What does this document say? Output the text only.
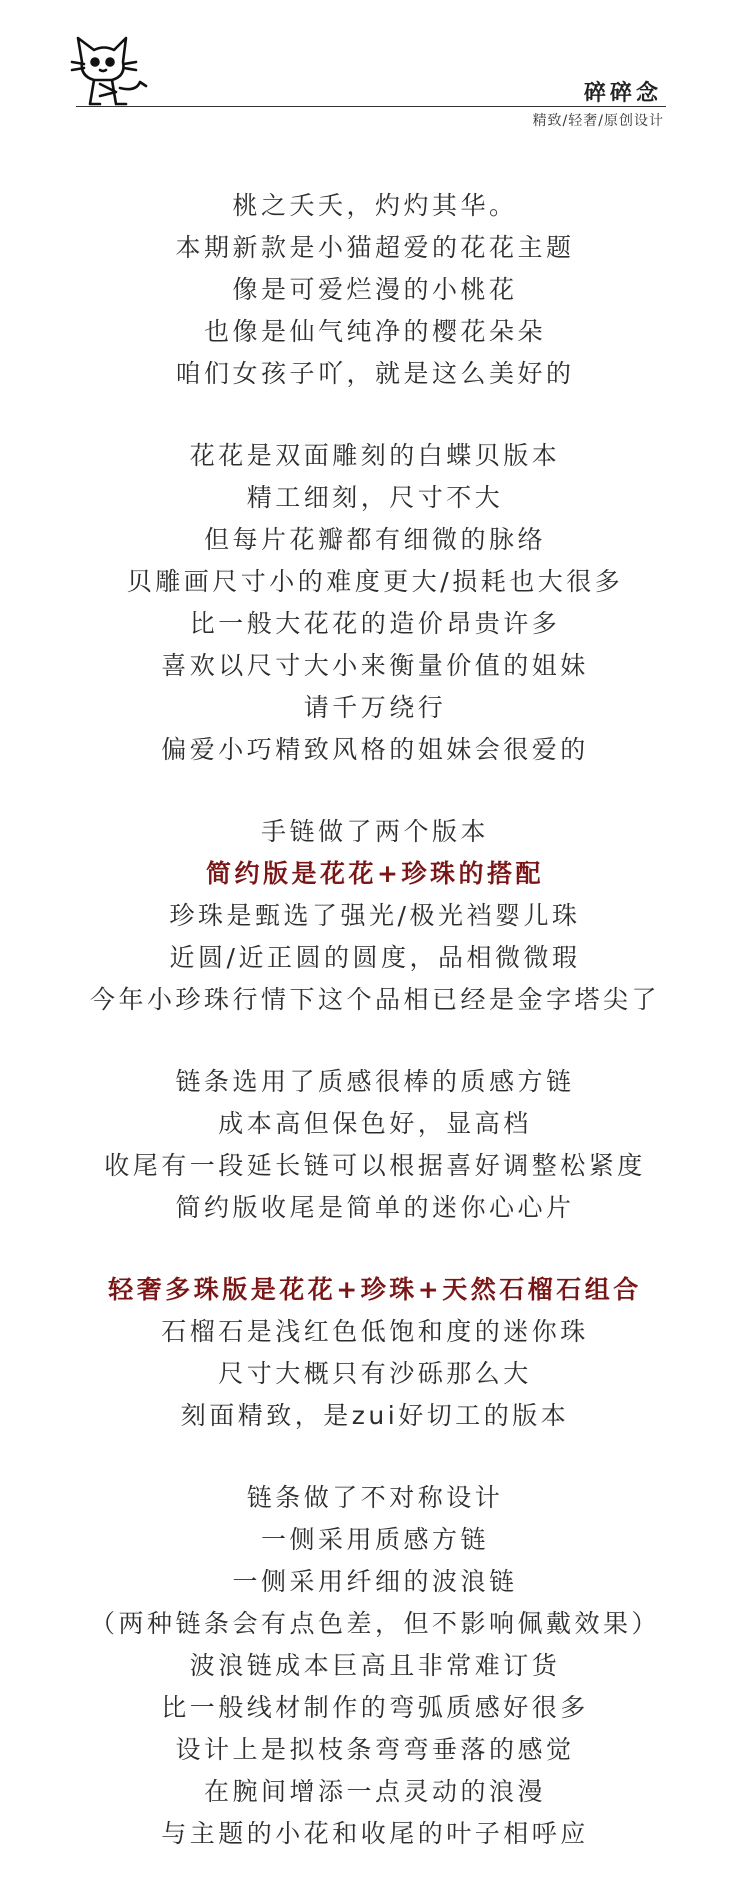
碎碎念
精致/轻奢/原创设计
桃之夭夭，灼灼其华。
本期新款是小猫超爱的花花主题
像是可爱烂漫的小桃花
也像是仙气纯净的樱花朵朵
咱们女孩子吖，就是这么美好的
花花是双面雕刻的白蝶贝版本
精工细刻，尺寸不大
但每片花瓣都有细微的脉络
贝雕画尺寸小的难度更大/损耗也大很多
比一般大花花的造价昂贵许多
喜欢以尺寸大小来衡量价值的姐妹
请千万绕行
偏爱小巧精致风格的姐妹会很爱的
手链做了两个版本
简约版是花花+珍珠的搭配
珍珠是甄选了强光/极光裆婴儿珠
近圆/近正圆的圆度，品相微微瑕
今年小珍珠行情下这个品相已经是金字塔尖了
链条选用了质感很棒的质感方链
成本高但保色好，显高档
收尾有一段延长链可以根据喜好调整松紧度
简约版收尾是简单的迷你心心片
轻奢多珠版是花花+珍珠+天然石榴石组合
石榴石是浅红色低饱和度的迷你珠
尺寸大概只有沙砾那么大
刻面精致，是zui好切工的版本
链条做了不对称设计
一侧采用质感方链
一侧采用纤细的波浪链
（两种链条会有点色差，但不影响佩戴效果）
波浪链成本巨高且非常难订货
比一般线材制作的弯弧质感好很多
设计上是拟枝条弯弯垂落的感觉
在腕间增添一点灵动的浪漫
与主题的小花和收尾的叶子相呼应
